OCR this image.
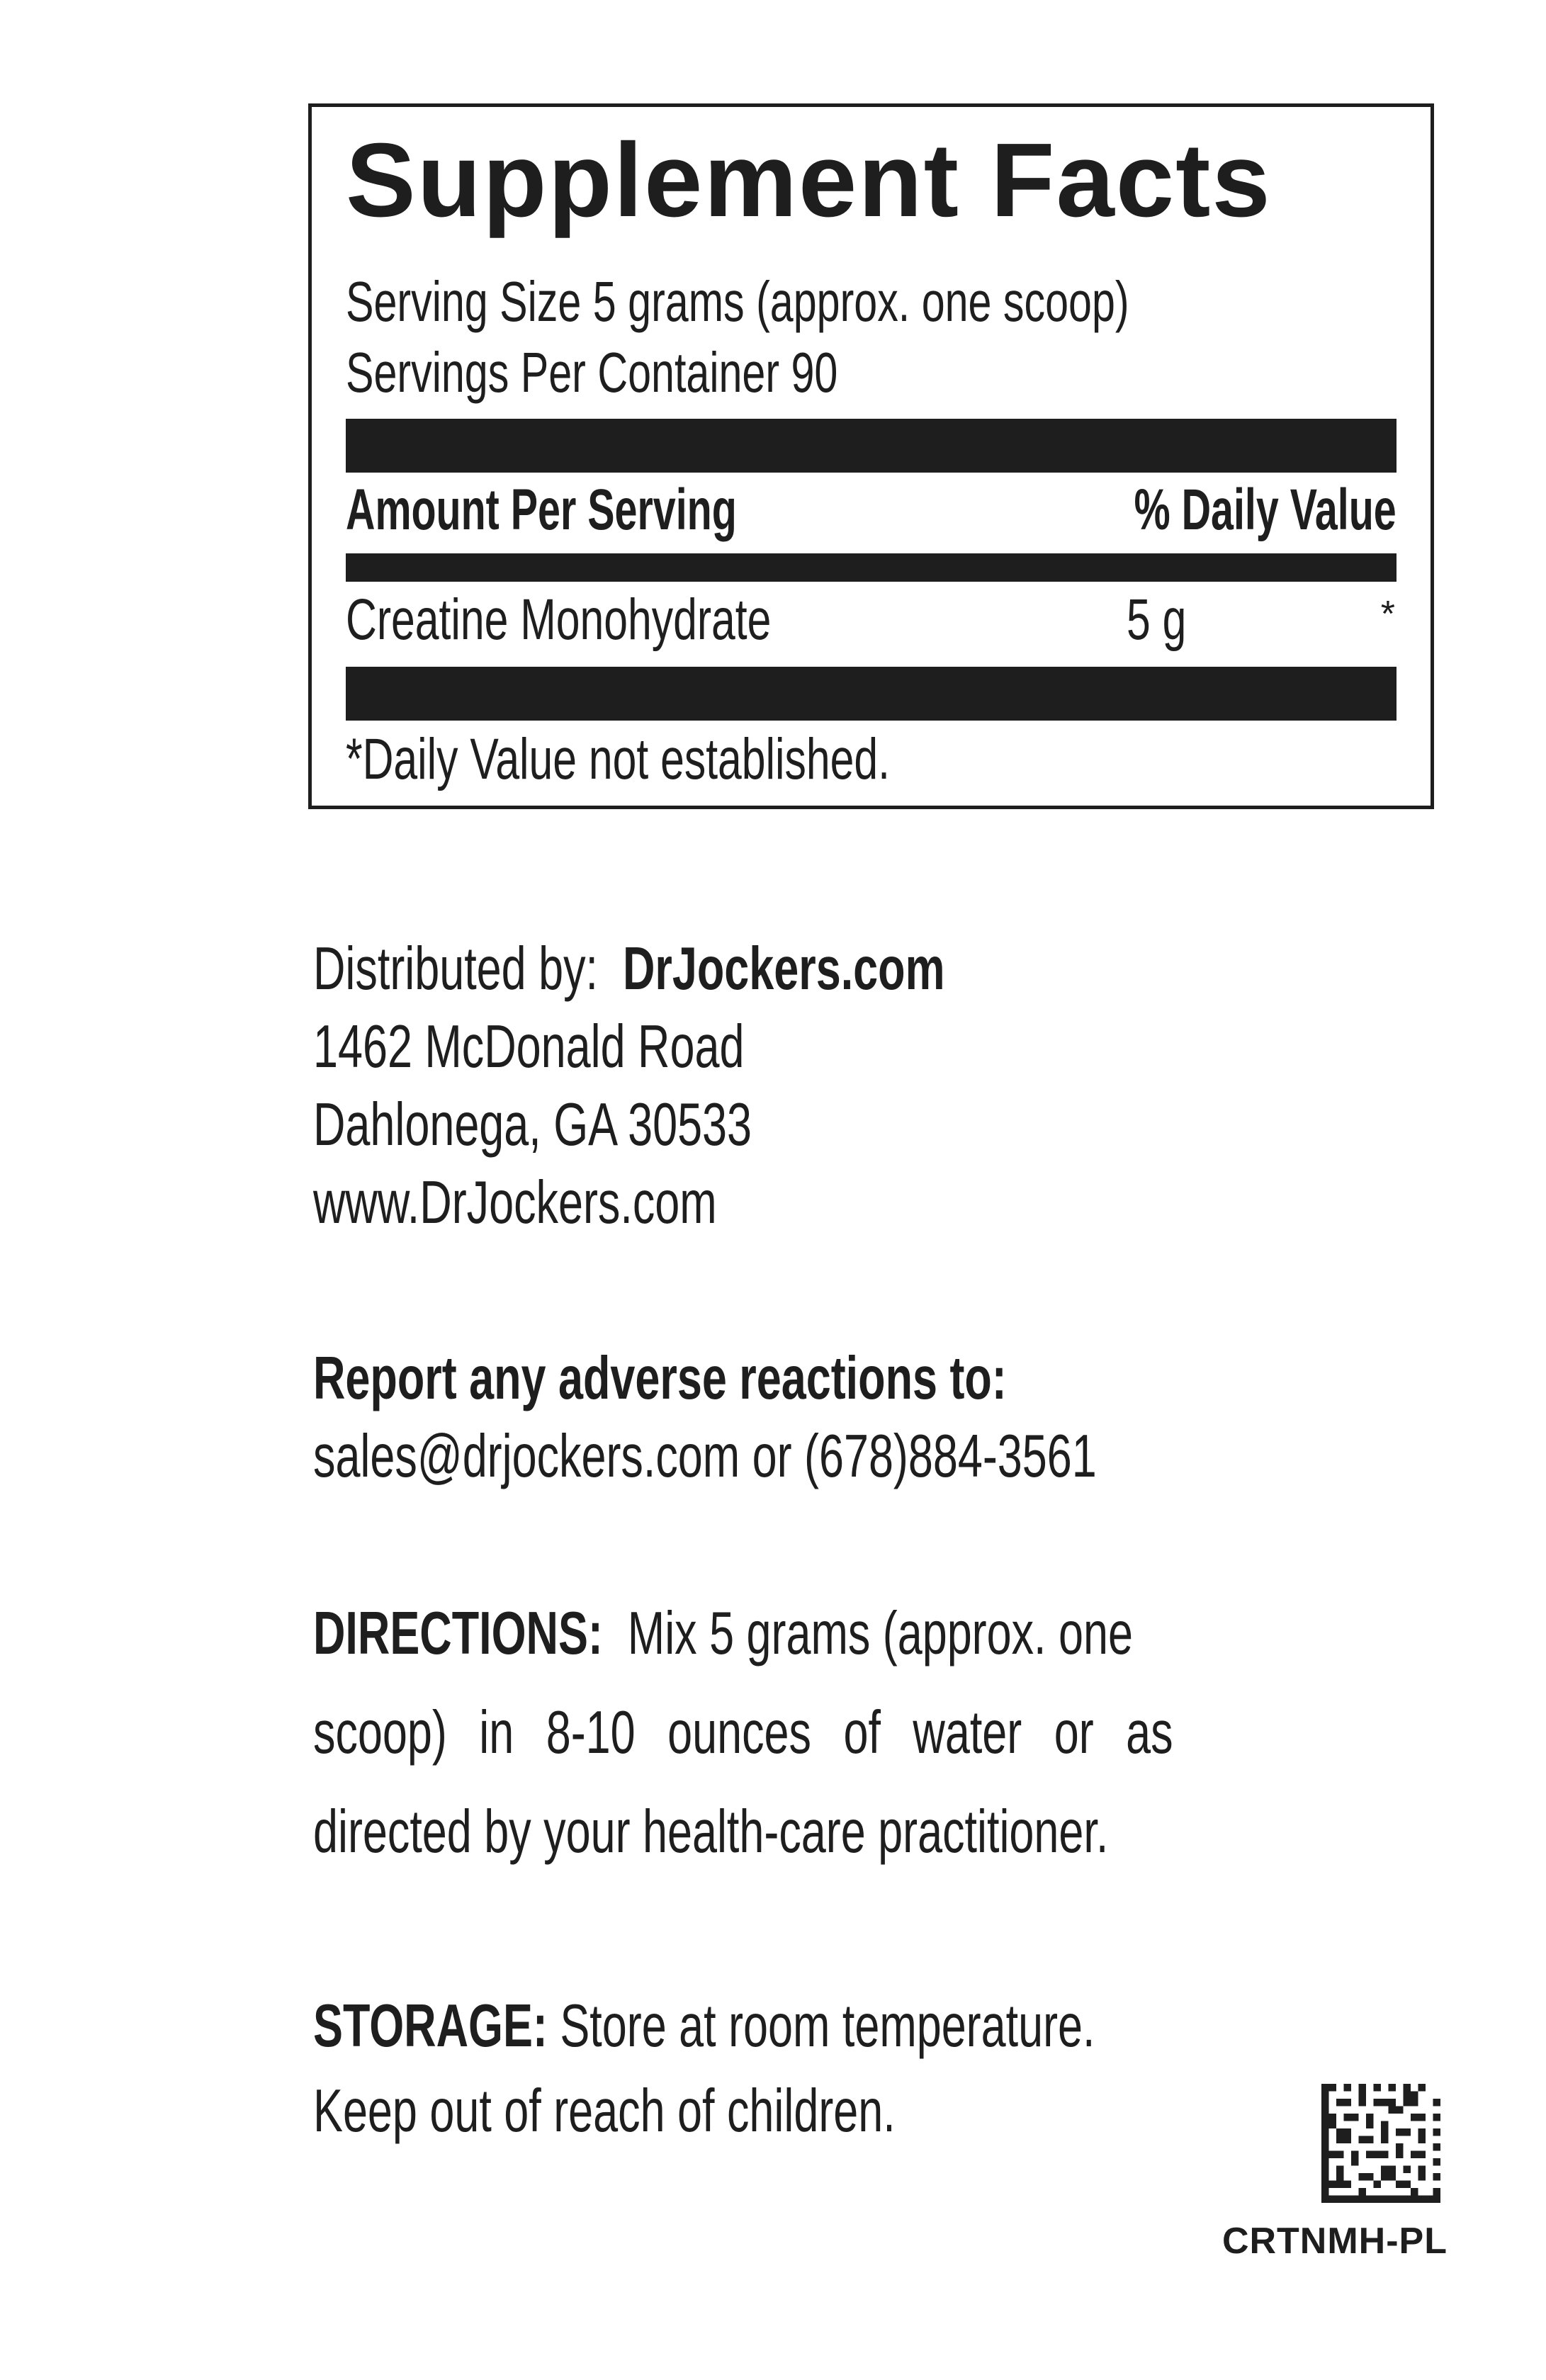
Supplement Facts
Serving Size 5 grams (approx. one scoop)
Servings Per Container 90
Amount Per Serving	% Daily Value
Creatine Monohydrate	5 g	*
*Daily Value not established.
Distributed by: DrJockers.com
1462 McDonald Road
Dahlonega, GA 30533
www.DrJockers.com
Report any adverse reactions to:
sales@drjockers.com or (678)884-3561
DIRECTIONS: Mix 5 grams (approx. one
scoop) in 8-10 ounces of water or as
directed by your health-care practitioner.
STORAGE: Store at room temperature.
Keep out of reach of children.
CRTNMH-PL
